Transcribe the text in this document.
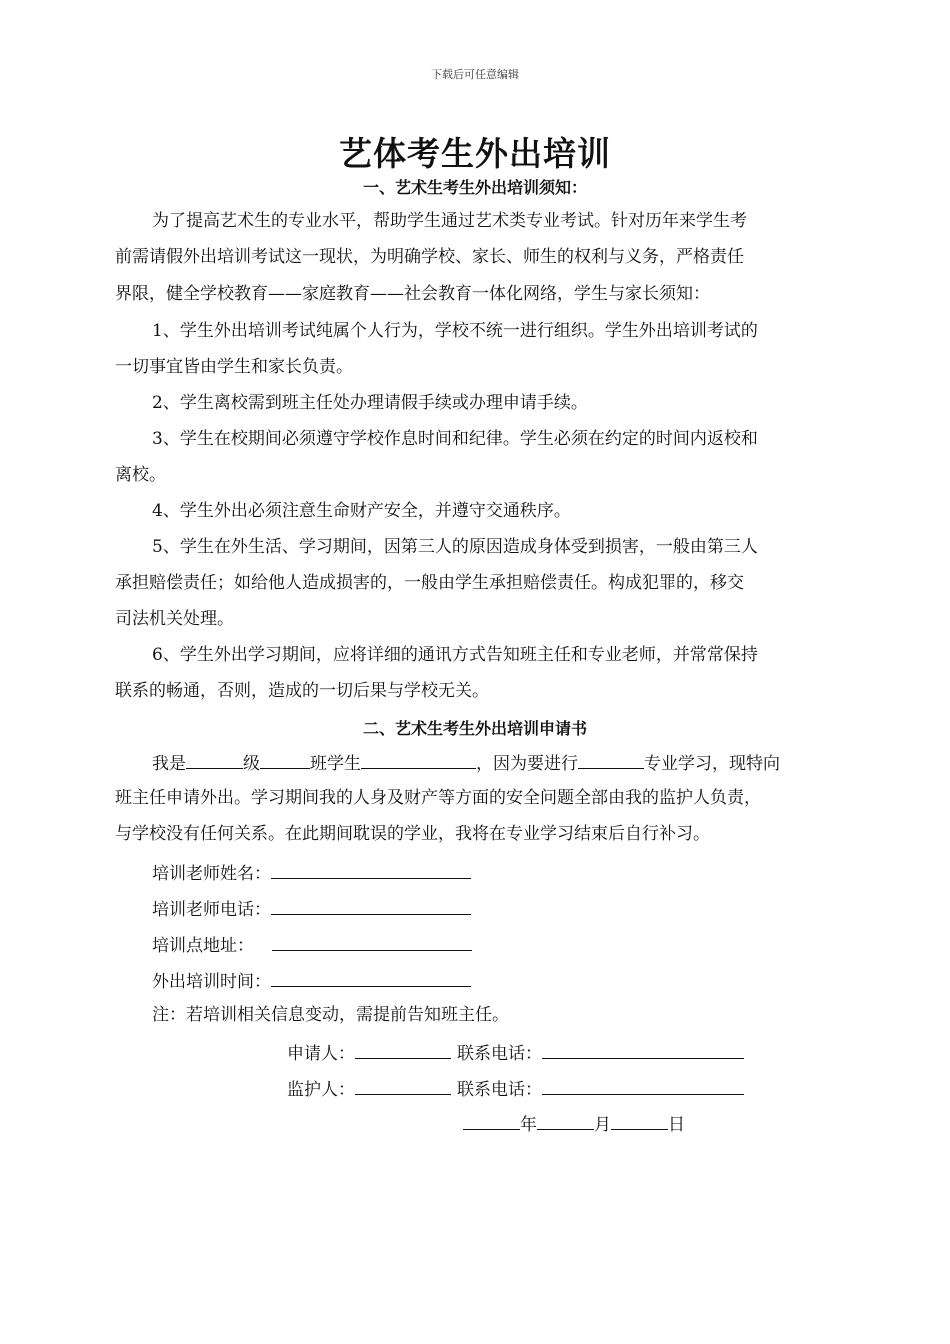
下载后可任意编辑
艺体考生外出培训
一、艺术生考生外出培训须知：
为了提高艺术生的专业水平，帮助学生通过艺术类专业考试。针对历年来学生考
前需请假外出培训考试这一现状，为明确学校、家长、师生的权利与义务，严格责任
界限，健全学校教育——家庭教育——社会教育一体化网络，学生与家长须知：
1、学生外出培训考试纯属个人行为，学校不统一进行组织。学生外出培训考试的
一切事宜皆由学生和家长负责。
2、学生离校需到班主任处办理请假手续或办理申请手续。
3、学生在校期间必须遵守学校作息时间和纪律。学生必须在约定的时间内返校和
离校。
4、学生外出必须注意生命财产安全，并遵守交通秩序。
5、学生在外生活、学习期间，因第三人的原因造成身体受到损害，一般由第三人
承担赔偿责任；如给他人造成损害的，一般由学生承担赔偿责任。构成犯罪的，移交
司法机关处理。
6、学生外出学习期间，应将详细的通讯方式告知班主任和专业老师，并常常保持
联系的畅通，否则，造成的一切后果与学校无关。
二、艺术生考生外出培训申请书
我是	级	班学生	，因为要进行	专业学习，现特向
班主任申请外出。学习期间我的人身及财产等方面的安全问题全部由我的监护人负责，
与学校没有任何关系。在此期间耽误的学业，我将在专业学习结束后自行补习。
培训老师姓名：
培训老师电话：
培训点地址：
外出培训时间：
注：若培训相关信息变动，需提前告知班主任。
申请人：	联系电话：
监护人：	联系电话：
年	月	日
